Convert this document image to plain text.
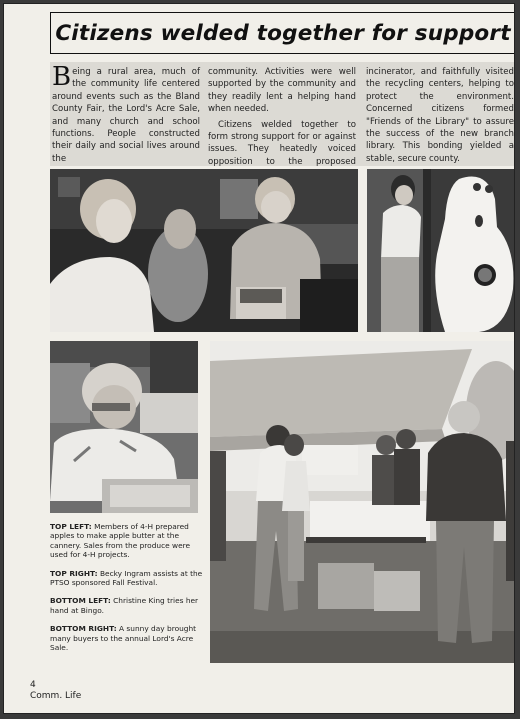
Citizens welded together for support
Being a rural area, much of the community life centered around events such as the Bland County Fair, the Lord's Acre Sale, and many church and school functions. People constructed their daily and social lives around the
community. Activities were well supported by the community and they readily lent a helping hand when needed.
Citizens welded together to form strong support for or against issues. They heatedly voiced opposition to the proposed
incinerator, and faithfully visited the recycling centers, helping to protect the environment. Concerned citizens formed "Friends of the Library" to assure the success of the new branch library. This bonding yielded a stable, secure county.

TOP LEFT: Members of 4-H prepared apples to make apple butter at the cannery. Sales from the produce were used for 4-H projects.

TOP RIGHT: Becky Ingram assists at the PTSO sponsored Fall Festival.

BOTTOM LEFT: Christine King tries her hand at Bingo.

BOTTOM RIGHT: A sunny day brought many buyers to the annual Lord's Acre Sale.

4
Comm. Life
